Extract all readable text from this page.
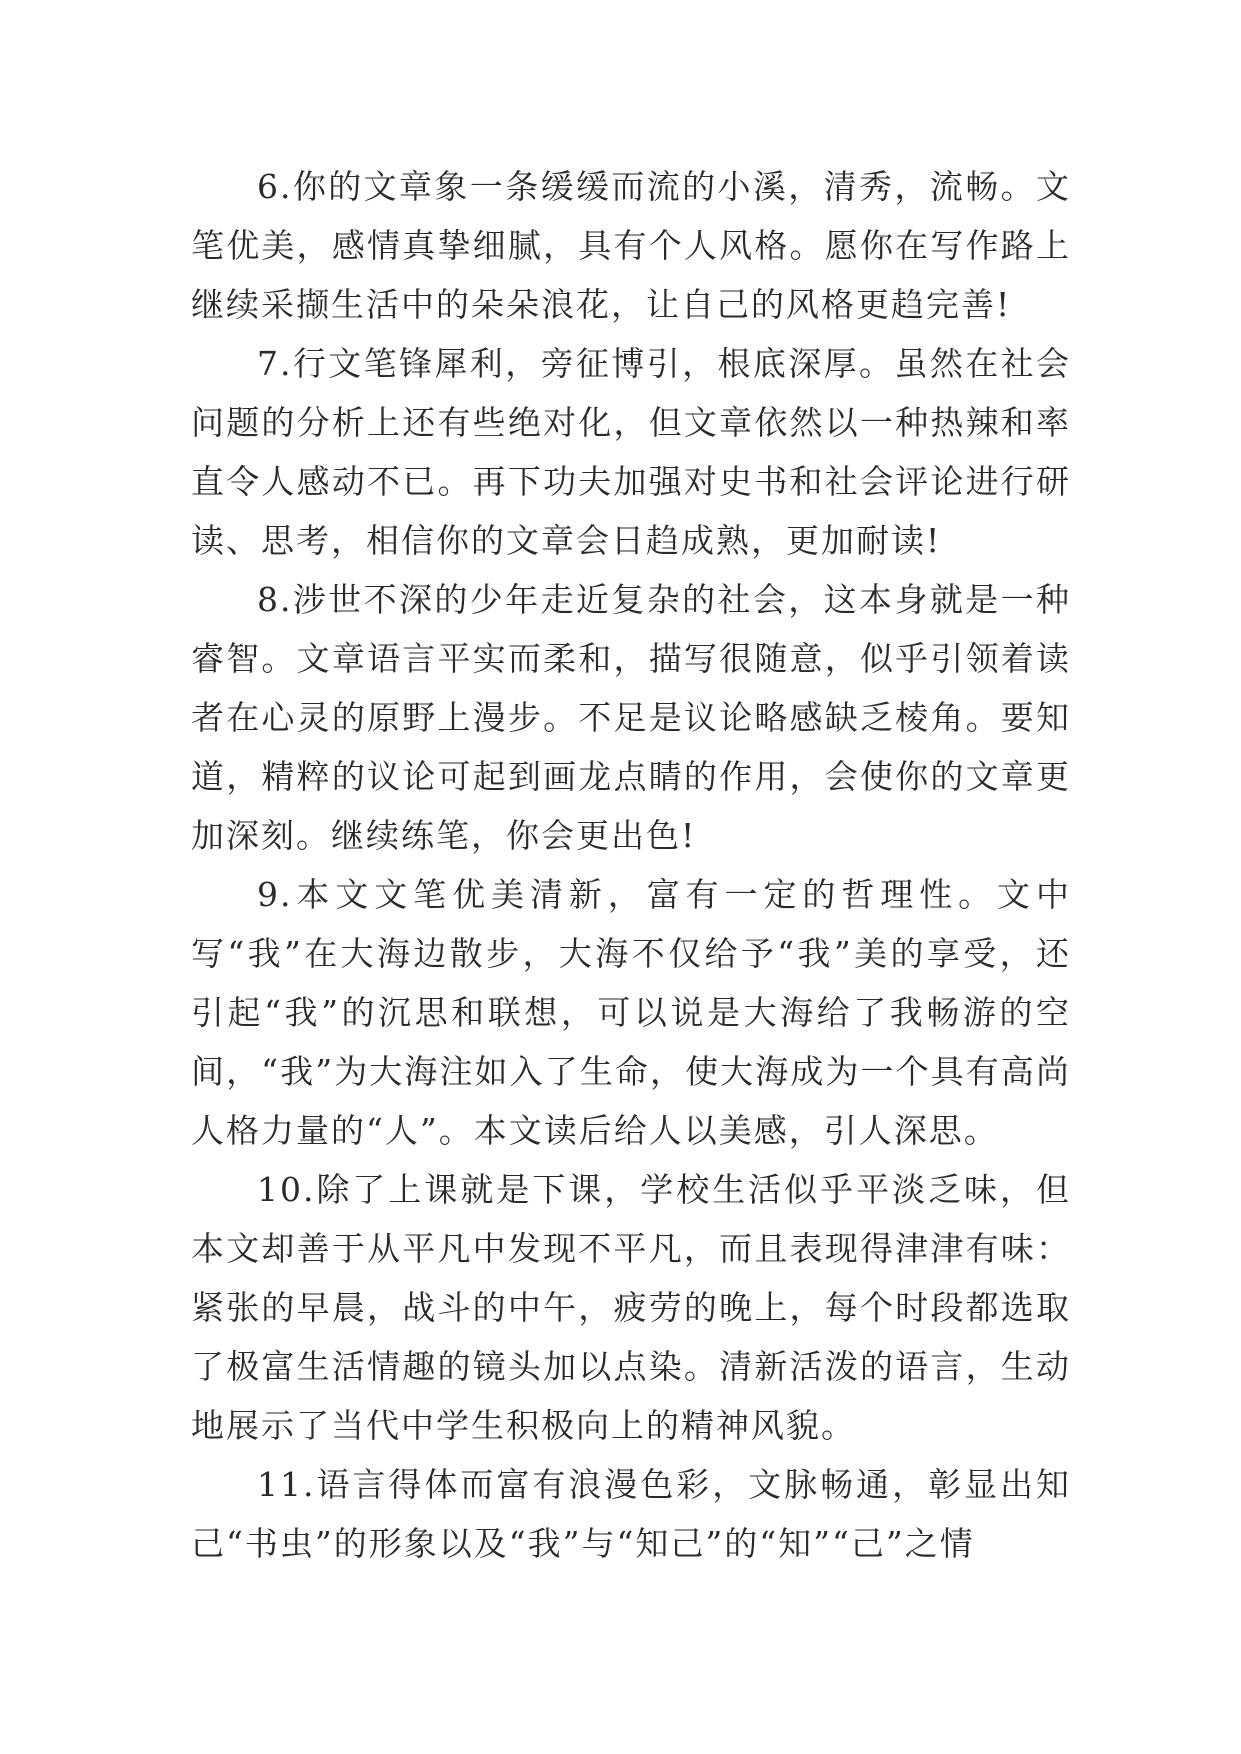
6.你的文章象一条缓缓而流的小溪，清秀，流畅。文笔优美，感情真挚细腻，具有个人风格。愿你在写作路上继续采撷生活中的朵朵浪花，让自己的风格更趋完善!

7.行文笔锋犀利，旁征博引，根底深厚。虽然在社会问题的分析上还有些绝对化，但文章依然以一种热辣和率直令人感动不已。再下功夫加强对史书和社会评论进行研读、思考，相信你的文章会日趋成熟，更加耐读!

8.涉世不深的少年走近复杂的社会，这本身就是一种睿智。文章语言平实而柔和，描写很随意，似乎引领着读者在心灵的原野上漫步。不足是议论略感缺乏棱角。要知道，精粹的议论可起到画龙点睛的作用，会使你的文章更加深刻。继续练笔，你会更出色!

9.本文文笔优美清新，富有一定的哲理性。文中写“我”在大海边散步，大海不仅给予“我”美的享受，还引起“我”的沉思和联想，可以说是大海给了我畅游的空间，“我”为大海注如入了生命，使大海成为一个具有高尚人格力量的“人”。本文读后给人以美感，引人深思。

10.除了上课就是下课，学校生活似乎平淡乏味，但本文却善于从平凡中发现不平凡，而且表现得津津有味：紧张的早晨，战斗的中午，疲劳的晚上，每个时段都选取了极富生活情趣的镜头加以点染。清新活泼的语言，生动地展示了当代中学生积极向上的精神风貌。

11.语言得体而富有浪漫色彩，文脉畅通，彰显出知己“书虫”的形象以及“我”与“知己”的“知”“己”之情
